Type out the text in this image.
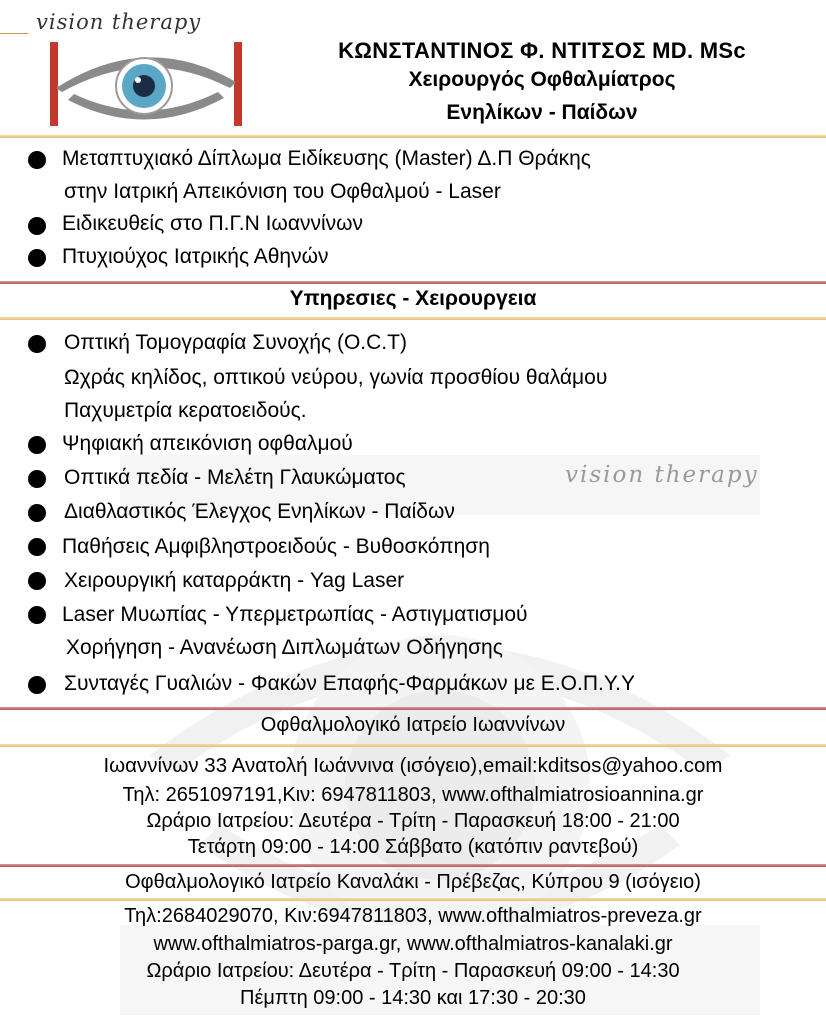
vision therapy
vision therapy
ΚΩΝΣΤΑΝΤΙΝΟΣ Φ. ΝΤΙΤΣΟΣ MD. MSc
Χειρουργός Οφθαλμίατρος
Ενηλίκων - Παίδων
Μεταπτυχιακό Δίπλωμα Ειδίκευσης (Master) Δ.Π Θράκης
στην Ιατρική Απεικόνιση του Οφθαλμού - Laser
Ειδικευθείς στο Π.Γ.Ν Ιωαννίνων
Πτυχιούχος Ιατρικής Αθηνών
Υπηρεσιες - Χειρουργεια
Οπτική Τομογραφία Συνοχής (Ο.C.T)
Ωχράς κηλίδος, οπτικού νεύρου, γωνία προσθίου θαλάμου
Παχυμετρία κερατοειδούς.
Ψηφιακή απεικόνιση οφθαλμού
Οπτικά πεδία - Μελέτη Γλαυκώματος
Διαθλαστικός Έλεγχος Ενηλίκων - Παίδων
Παθήσεις Αμφιβληστροειδούς - Βυθοσκόπηση
Χειρουργική καταρράκτη - Yag Laser
Laser Μυωπίας - Υπερμετρωπίας - Αστιγματισμού
Χορήγηση - Ανανέωση Διπλωμάτων Οδήγησης
Συνταγές Γυαλιών - Φακών Επαφής-Φαρμάκων με Ε.Ο.Π.Υ.Υ
Οφθαλμολογικό Ιατρείο Ιωαννίνων
Ιωαννίνων 33 Ανατολή Ιωάννινα (ισόγειο),email:kditsos@yahoo.com
Τηλ: 2651097191,Κιν: 6947811803, www.ofthalmiatrosioannina.gr
Ωράριο Ιατρείου: Δευτέρα - Τρίτη - Παρασκευή 18:00 - 21:00
Τετάρτη 09:00 - 14:00 Σάββατο (κατόπιν ραντεβού)
Οφθαλμολογικό Ιατρείο Καναλάκι - Πρέβεζας, Κύπρου 9 (ισόγειο)
Τηλ:2684029070, Κιν:6947811803, www.ofthalmiatros-preveza.gr
www.ofthalmiatros-parga.gr, www.ofthalmiatros-kanalaki.gr
Ωράριο Ιατρείου: Δευτέρα - Τρίτη - Παρασκευή 09:00 - 14:30
Πέμπτη 09:00 - 14:30 και 17:30 - 20:30
